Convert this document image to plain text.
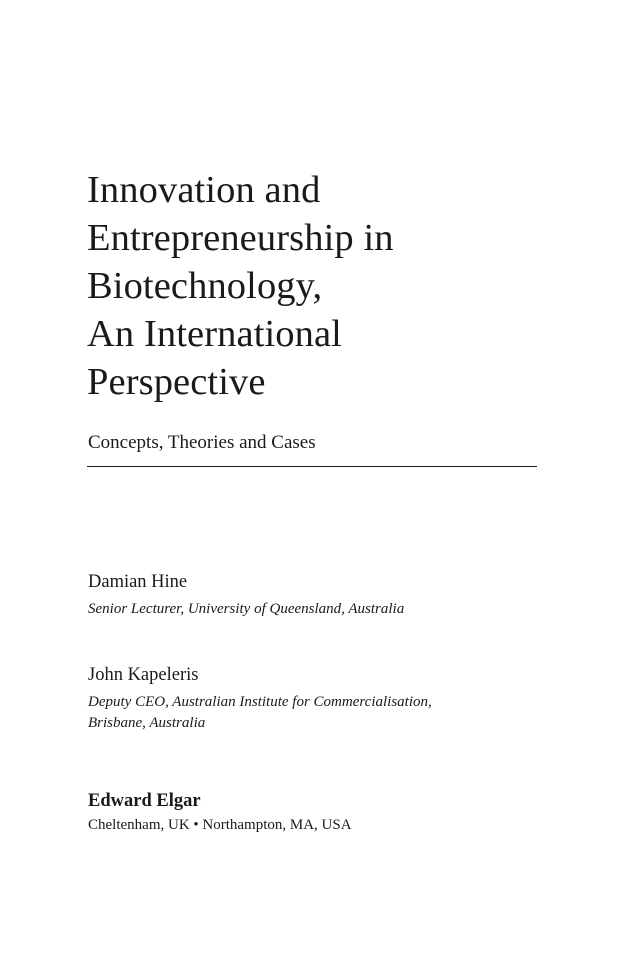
Innovation and
Entrepreneurship in
Biotechnology,
An International
Perspective

Concepts, Theories and Cases

Damian Hine

Senior Lecturer, University of Queensland, Australia

John Kapeleris

Deputy CEO, Australian Institute for Commercialisation,
Brisbane, Australia

Edward Elgar

Cheltenham, UK • Northampton, MA, USA
